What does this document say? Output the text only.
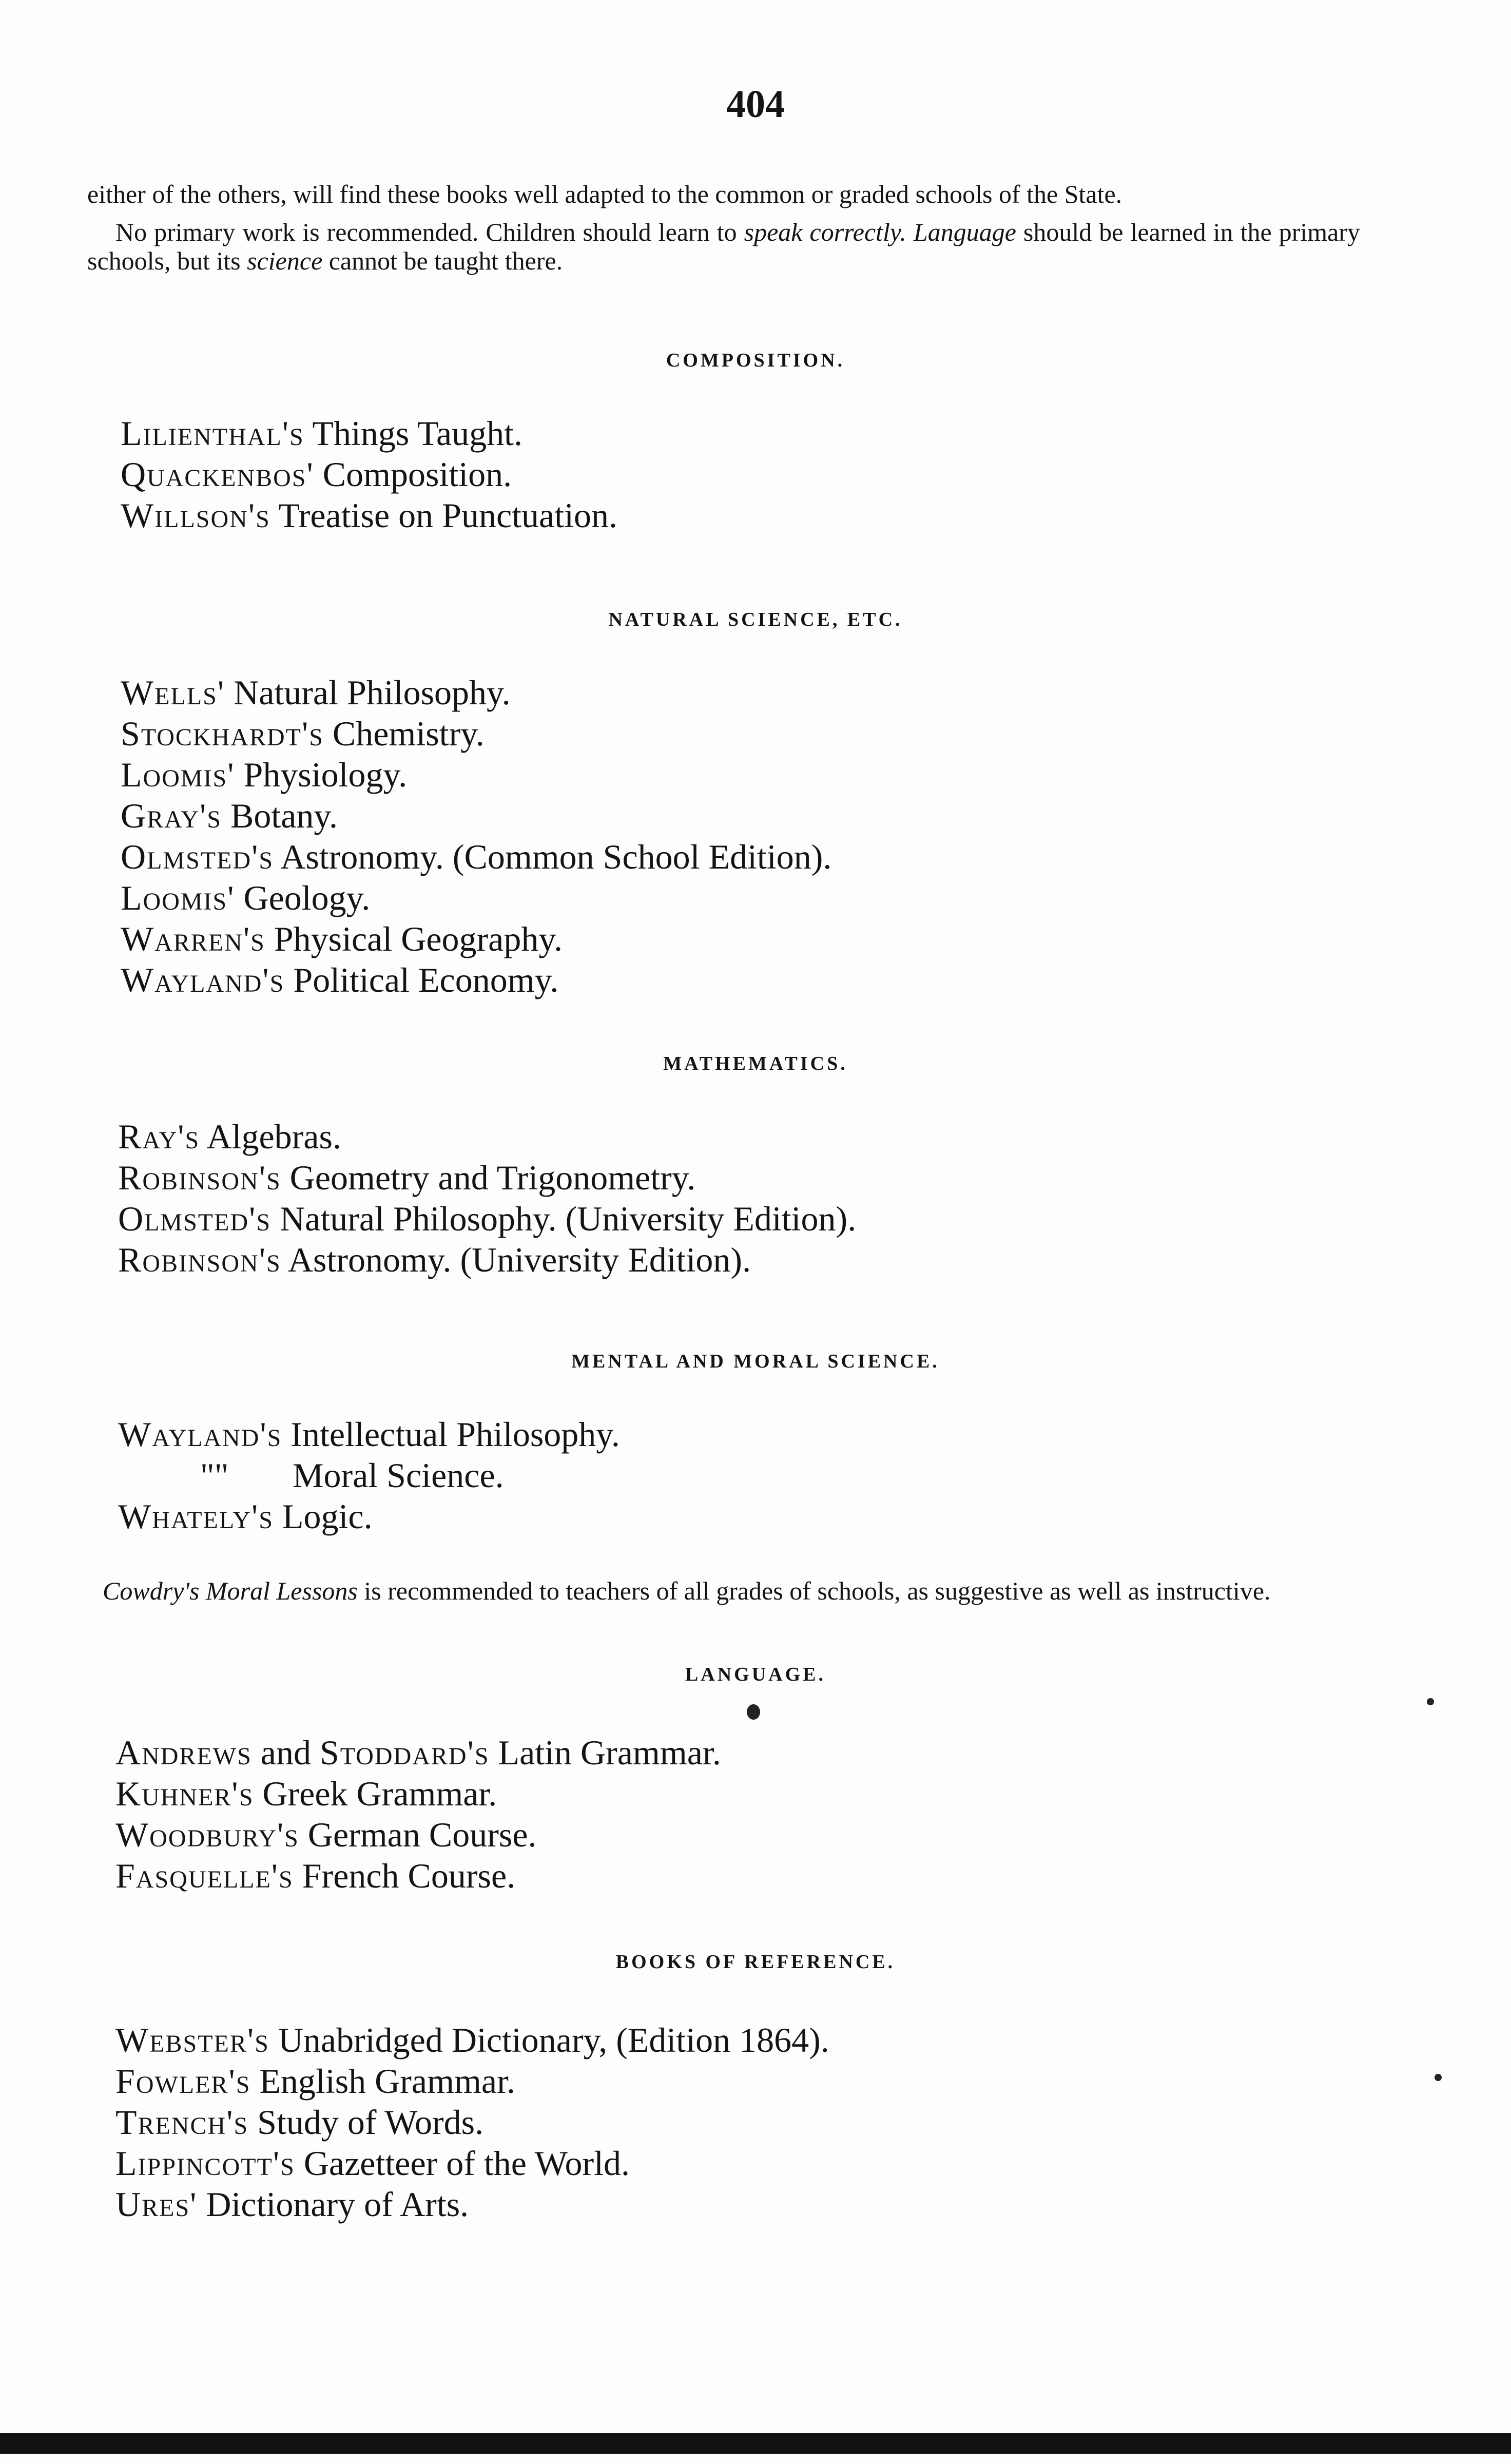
404

either of the others, will find these books well adapted to the common or graded schools of the State.

No primary work is recommended. Children should learn to speak correctly. Language should be learned in the primary schools, but its science cannot be taught there.

COMPOSITION.
Lilienthal's Things Taught.
Quackenbos' Composition.
Willson's Treatise on Punctuation.
NATURAL SCIENCE, ETC.
Wells' Natural Philosophy.
Stockhardt's Chemistry.
Loomis' Physiology.
Gray's Botany.
Olmsted's Astronomy. (Common School Edition).
Loomis' Geology.
Warren's Physical Geography.
Wayland's Political Economy.
MATHEMATICS.
Ray's Algebras.
Robinson's Geometry and Trigonometry.
Olmsted's Natural Philosophy. (University Edition).
Robinson's Astronomy. (University Edition).
MENTAL AND MORAL SCIENCE.
Wayland's Intellectual Philosophy.
"" Moral Science.
Whately's Logic.

Cowdry's Moral Lessons is recommended to teachers of all grades of schools, as suggestive as well as instructive.

LANGUAGE.
Andrews and Stoddard's Latin Grammar.
Kuhner's Greek Grammar.
Woodbury's German Course.
Fasquelle's French Course.
BOOKS OF REFERENCE.
Webster's Unabridged Dictionary, (Edition 1864).
Fowler's English Grammar.
Trench's Study of Words.
Lippincott's Gazetteer of the World.
Ures' Dictionary of Arts.
